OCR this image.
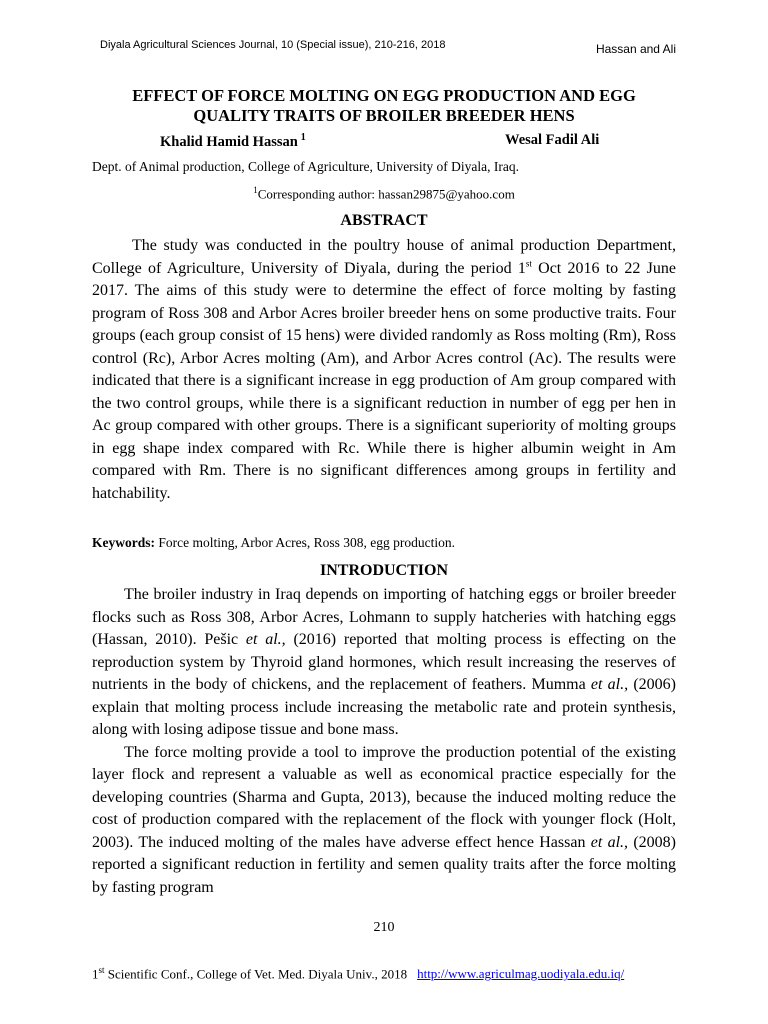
Diyala Agricultural Sciences Journal, 10 (Special issue), 210-216, 2018	Hassan and Ali
EFFECT OF FORCE MOLTING ON EGG PRODUCTION AND EGG QUALITY TRAITS OF BROILER BREEDER HENS
Khalid Hamid Hassan $^1$	Wesal Fadil Ali
Dept. of Animal production, College of Agriculture, University of Diyala, Iraq.
$^1$Corresponding author: hassan29875@yahoo.com
ABSTRACT

The study was conducted in the poultry house of animal production Department, College of Agriculture, University of Diyala, during the period 1st Oct 2016 to 22 June 2017. The aims of this study were to determine the effect of force molting by fasting program of Ross 308 and Arbor Acres broiler breeder hens on some productive traits. Four groups (each group consist of 15 hens) were divided randomly as Ross molting (Rm), Ross control (Rc), Arbor Acres molting (Am), and Arbor Acres control (Ac). The results were indicated that there is a significant increase in egg production of Am group compared with the two control groups, while there is a significant reduction in number of egg per hen in Ac group compared with other groups. There is a significant superiority of molting groups in egg shape index compared with Rc. While there is higher albumin weight in Am compared with Rm. There is no significant differences among groups in fertility and hatchability.

Keywords: Force molting, Arbor Acres, Ross 308, egg production.
INTRODUCTION

The broiler industry in Iraq depends on importing of hatching eggs or broiler breeder flocks such as Ross 308, Arbor Acres, Lohmann to supply hatcheries with hatching eggs (Hassan, 2010). Pešic et al., (2016) reported that molting process is effecting on the reproduction system by Thyroid gland hormones, which result increasing the reserves of nutrients in the body of chickens, and the replacement of feathers. Mumma et al., (2006) explain that molting process include increasing the metabolic rate and protein synthesis, along with losing adipose tissue and bone mass.

The force molting provide a tool to improve the production potential of the existing layer flock and represent a valuable as well as economical practice especially for the developing countries (Sharma and Gupta, 2013), because the induced molting reduce the cost of production compared with the replacement of the flock with younger flock (Holt, 2003). The induced molting of the males have adverse effect hence Hassan et al., (2008) reported a significant reduction in fertility and semen quality traits after the force molting by fasting program

210
1st Scientific Conf., College of Vet. Med. Diyala Univ., 2018 http://www.agriculmag.uodiyala.edu.iq/
